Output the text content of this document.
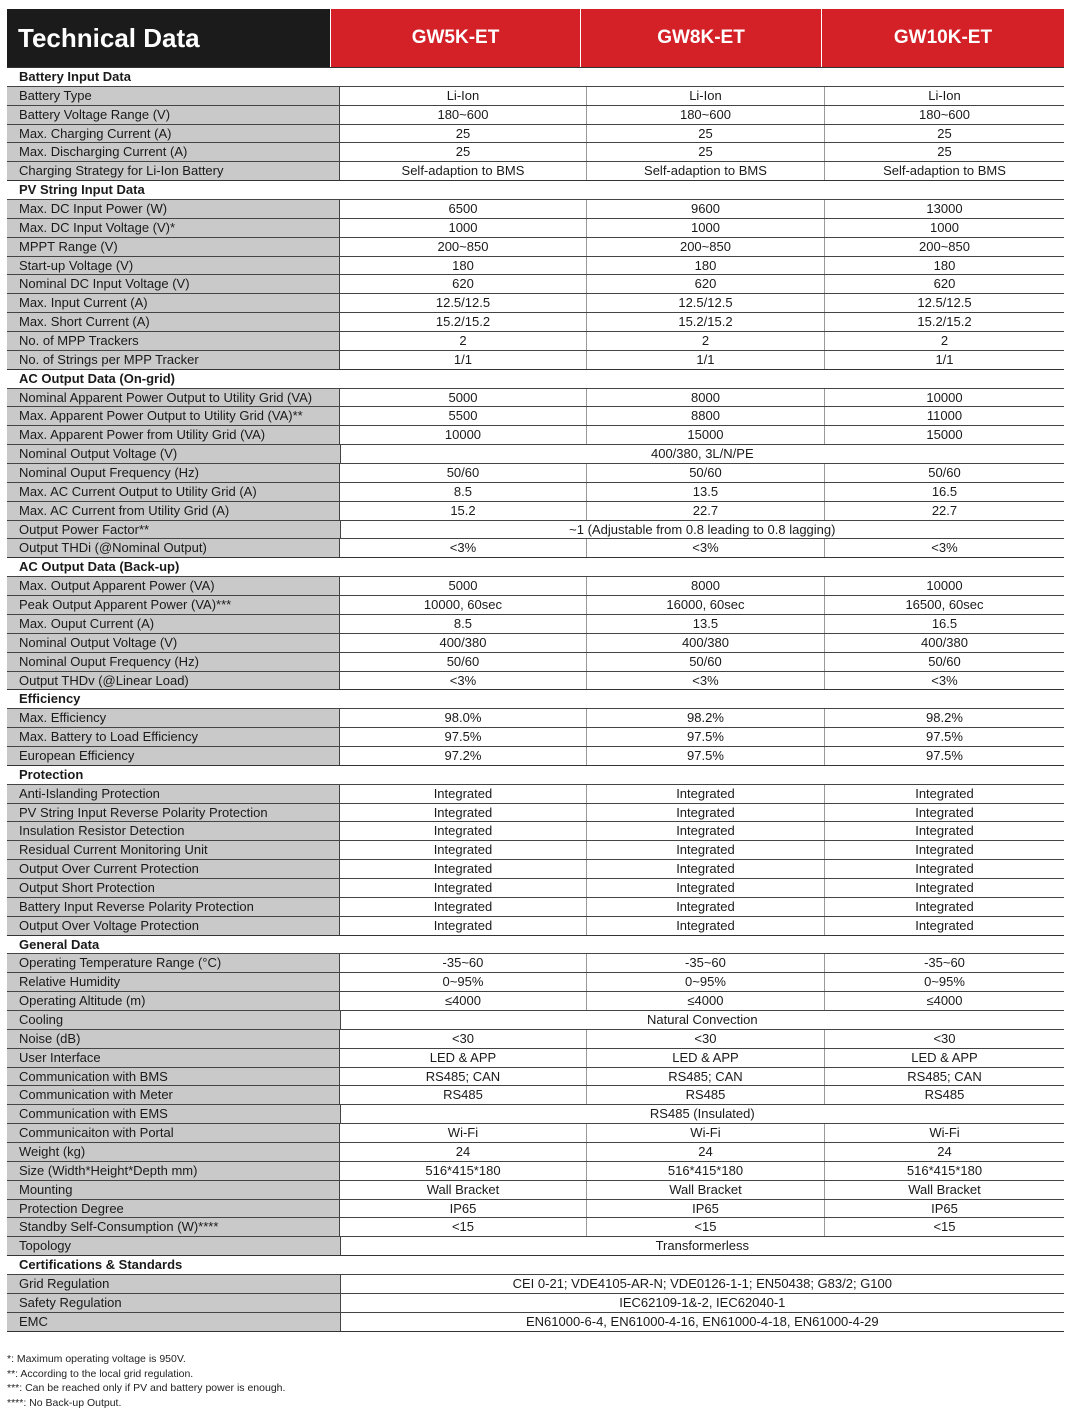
Technical Data	GW5K-ET	GW8K-ET	GW10K-ET
Battery Input Data
Battery Type	Li-Ion	Li-Ion	Li-Ion
Battery Voltage Range (V)	180~600	180~600	180~600
Max. Charging Current (A)	25	25	25
Max. Discharging Current (A)	25	25	25
Charging Strategy for Li-Ion Battery	Self-adaption to BMS	Self-adaption to BMS	Self-adaption to BMS
PV String Input Data
Max. DC Input Power (W)	6500	9600	13000
Max. DC Input Voltage (V)*	1000	1000	1000
MPPT Range (V)	200~850	200~850	200~850
Start-up Voltage (V)	180	180	180
Nominal DC Input Voltage (V)	620	620	620
Max. Input Current (A)	12.5/12.5	12.5/12.5	12.5/12.5
Max. Short Current (A)	15.2/15.2	15.2/15.2	15.2/15.2
No. of MPP Trackers	2	2	2
No. of Strings per MPP Tracker	1/1	1/1	1/1
AC Output Data (On-grid)
Nominal Apparent Power Output to Utility Grid (VA)	5000	8000	10000
Max. Apparent Power Output to Utility Grid (VA)**	5500	8800	11000
Max. Apparent Power from Utility Grid (VA)	10000	15000	15000
Nominal Output Voltage (V)	400/380, 3L/N/PE
Nominal Ouput Frequency (Hz)	50/60	50/60	50/60
Max. AC Current Output to Utility Grid (A)	8.5	13.5	16.5
Max. AC Current from Utility Grid (A)	15.2	22.7	22.7
Output Power Factor**	~1 (Adjustable from 0.8 leading to 0.8 lagging)
Output THDi (@Nominal Output)	<3%	<3%	<3%
AC Output Data (Back-up)
Max. Output Apparent Power (VA)	5000	8000	10000
Peak Output Apparent Power (VA)***	10000, 60sec	16000, 60sec	16500, 60sec
Max. Ouput Current (A)	8.5	13.5	16.5
Nominal Output Voltage (V)	400/380	400/380	400/380
Nominal Ouput Frequency (Hz)	50/60	50/60	50/60
Output THDv (@Linear Load)	<3%	<3%	<3%
Efficiency
Max. Efficiency	98.0%	98.2%	98.2%
Max. Battery to Load Efficiency	97.5%	97.5%	97.5%
European Efficiency	97.2%	97.5%	97.5%
Protection
Anti-Islanding Protection	Integrated	Integrated	Integrated
PV String Input Reverse Polarity Protection	Integrated	Integrated	Integrated
Insulation Resistor Detection	Integrated	Integrated	Integrated
Residual Current Monitoring Unit	Integrated	Integrated	Integrated
Output Over Current Protection	Integrated	Integrated	Integrated
Output Short Protection	Integrated	Integrated	Integrated
Battery Input Reverse Polarity Protection	Integrated	Integrated	Integrated
Output Over Voltage Protection	Integrated	Integrated	Integrated
General Data
Operating Temperature Range (°C)	-35~60	-35~60	-35~60
Relative Humidity	0~95%	0~95%	0~95%
Operating Altitude (m)	≤4000	≤4000	≤4000
Cooling	Natural Convection
Noise (dB)	<30	<30	<30
User Interface	LED & APP	LED & APP	LED & APP
Communication with BMS	RS485; CAN	RS485; CAN	RS485; CAN
Communication with Meter	RS485	RS485	RS485
Communication with EMS	RS485 (Insulated)
Communicaiton with Portal	Wi-Fi	Wi-Fi	Wi-Fi
Weight (kg)	24	24	24
Size (Width*Height*Depth mm)	516*415*180	516*415*180	516*415*180
Mounting	Wall Bracket	Wall Bracket	Wall Bracket
Protection Degree	IP65	IP65	IP65
Standby Self-Consumption (W)****	<15	<15	<15
Topology	Transformerless
Certifications & Standards
Grid Regulation	CEI 0-21; VDE4105-AR-N; VDE0126-1-1; EN50438; G83/2; G100
Safety Regulation	IEC62109-1&-2, IEC62040-1
EMC	EN61000-6-4, EN61000-4-16, EN61000-4-18, EN61000-4-29
*: Maximum operating voltage is 950V.
**: According to the local grid regulation.
***: Can be reached only if PV and battery power is enough.
****: No Back-up Output.
